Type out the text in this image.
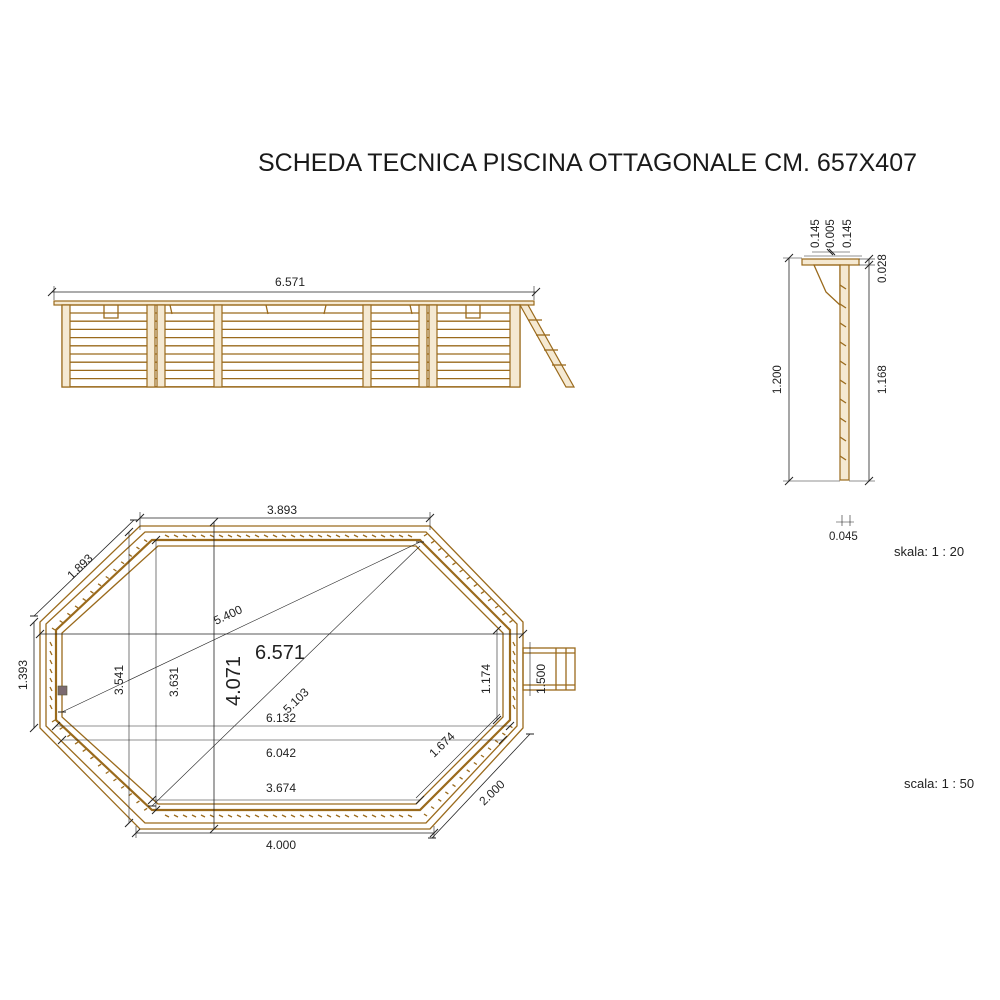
SCHEDA TECNICA PISCINA OTTAGONALE CM. 657X407
6.571
0.145 0.005 0.145
1.200
0.028
1.168
0.045
skala: 1 : 20
3.893
1.893
1.393	3.541	3.631 4.071
6.571
5.400
5.103
1.174	1.500
6.132
6.042	1.674
3.674	2.000
4.000
scala: 1 : 50
